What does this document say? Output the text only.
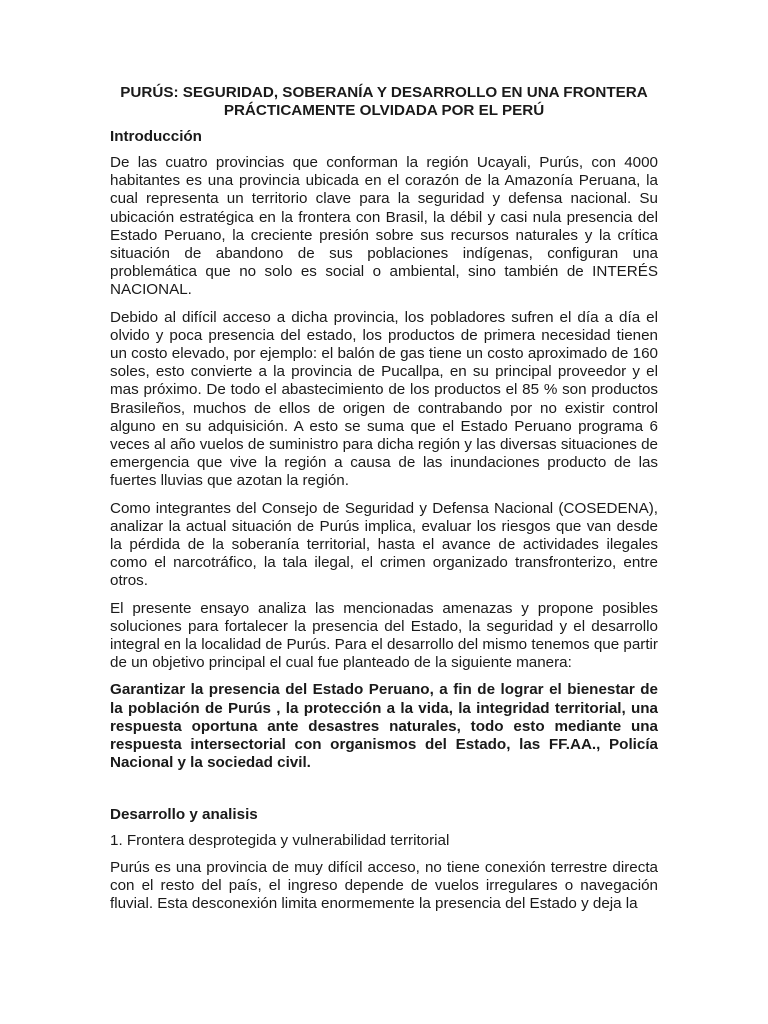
PURÚS: SEGURIDAD, SOBERANÍA Y DESARROLLO EN UNA FRONTERA
PRÁCTICAMENTE OLVIDADA POR EL PERÚ
Introducción

De las cuatro provincias que conforman la región Ucayali, Purús, con 4000 habitantes es una provincia ubicada en el corazón de la Amazonía Peruana, la cual representa un territorio clave para la seguridad y defensa nacional. Su ubicación estratégica en la frontera con Brasil, la débil y casi nula presencia del Estado Peruano, la creciente presión sobre sus recursos naturales y la crítica situación de abandono de sus poblaciones indígenas, configuran una problemática que no solo es social o ambiental, sino también de INTERÉS NACIONAL.

Debido al difícil acceso a dicha provincia, los pobladores sufren el día a día el olvido y poca presencia del estado, los productos de primera necesidad tienen un costo elevado, por ejemplo: el balón de gas tiene un costo aproximado de 160 soles, esto convierte a la provincia de Pucallpa, en su principal proveedor y el mas próximo. De todo el abastecimiento de los productos el 85 % son productos Brasileños, muchos de ellos de origen de contrabando por no existir control alguno en su adquisición. A esto se suma que el Estado Peruano programa 6 veces al año vuelos de suministro para dicha región y las diversas situaciones de emergencia que vive la región a causa de las inundaciones producto de las fuertes lluvias que azotan la región.

Como integrantes del Consejo de Seguridad y Defensa Nacional (COSEDENA), analizar la actual situación de Purús implica, evaluar los riesgos que van desde la pérdida de la soberanía territorial, hasta el avance de actividades ilegales como el narcotráfico, la tala ilegal, el crimen organizado transfronterizo, entre otros.

El presente ensayo analiza las mencionadas amenazas y propone posibles soluciones para fortalecer la presencia del Estado, la seguridad y el desarrollo integral en la localidad de Purús. Para el desarrollo del mismo tenemos que partir de un objetivo principal el cual fue planteado de la siguiente manera:

Garantizar la presencia del Estado Peruano, a fin de lograr el bienestar de la población de Purús , la protección a la vida, la integridad territorial, una respuesta oportuna ante desastres naturales, todo esto mediante una respuesta intersectorial con organismos del Estado, las FF.AA., Policía Nacional y la sociedad civil.

Desarrollo y analisis
1. Frontera desprotegida y vulnerabilidad territorial

Purús es una provincia de muy difícil acceso, no tiene conexión terrestre directa con el resto del país, el ingreso depende de vuelos irregulares o navegación fluvial. Esta desconexión limita enormemente la presencia del Estado y deja la
